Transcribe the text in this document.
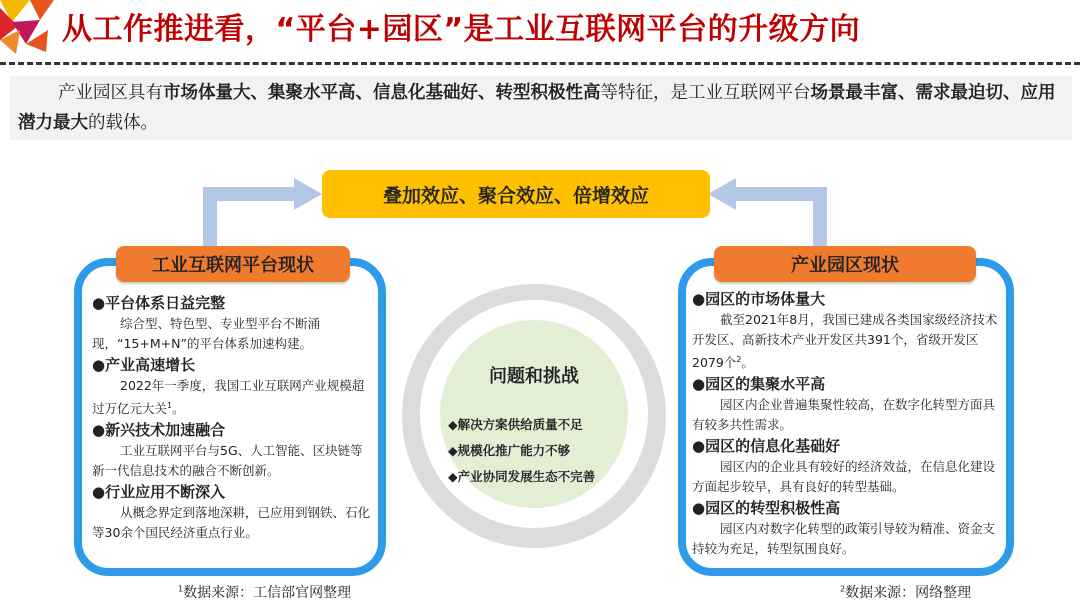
从工作推进看，“平台+园区”是工业互联网平台的升级方向

产业园区具有市场体量大、集聚水平高、信息化基础好、转型积极性高等特征，是工业互联网平台场景最丰富、需求最迫切、应用潜力最大的载体。

叠加效应、聚合效应、倍增效应
工业互联网平台现状
●平台体系日益完整
综合型、特色型、专业型平台不断涌现，“15+M+N”的平台体系加速构建。
●产业高速增长
2022年一季度，我国工业互联网产业规模超过万亿元大关$^1$。
●新兴技术加速融合
工业互联网平台与5G、人工智能、区块链等新一代信息技术的融合不断创新。
●行业应用不断深入
从概念界定到落地深耕，已应用到钢铁、石化等30余个国民经济重点行业。
产业园区现状
●园区的市场体量大
截至2021年8月，我国已建成各类国家级经济技术开发区、高新技术产业开发区共391个，省级开发区2079个$^2$。
●园区的集聚水平高
园区内企业普遍集聚性较高，在数字化转型方面具有较多共性需求。
●园区的信息化基础好
园区内的企业具有较好的经济效益，在信息化建设方面起步较早，具有良好的转型基础。
●园区的转型积极性高
园区内对数字化转型的政策引导较为精准、资金支持较为充足，转型氛围良好。
问题和挑战
◆解决方案供给质量不足
◆规模化推广能力不够
◆产业协同发展生态不完善
$^1$数据来源：工信部官网整理	$^2$数据来源：网络整理
